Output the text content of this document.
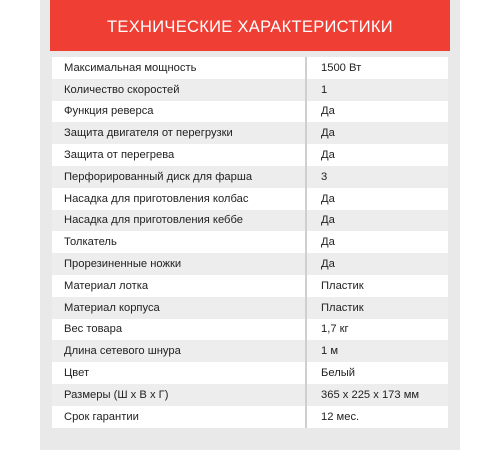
ТЕХНИЧЕСКИЕ ХАРАКТЕРИСТИКИ
Максимальная мощность	1500 Вт
Количество скоростей	1
Функция реверса	Да
Защита двигателя от перегрузки	Да
Защита от перегрева	Да
Перфорированный диск для фарша	3
Насадка для приготовления колбас	Да
Насадка для приготовления кеббе	Да
Толкатель	Да
Прорезиненные ножки	Да
Материал лотка	Пластик
Материал корпуса	Пластик
Вес товара	1,7 кг
Длина сетевого шнура	1 м
Цвет	Белый
Размеры (Ш х В х Г)	365 х 225 х 173 мм
Срок гарантии	12 мес.
